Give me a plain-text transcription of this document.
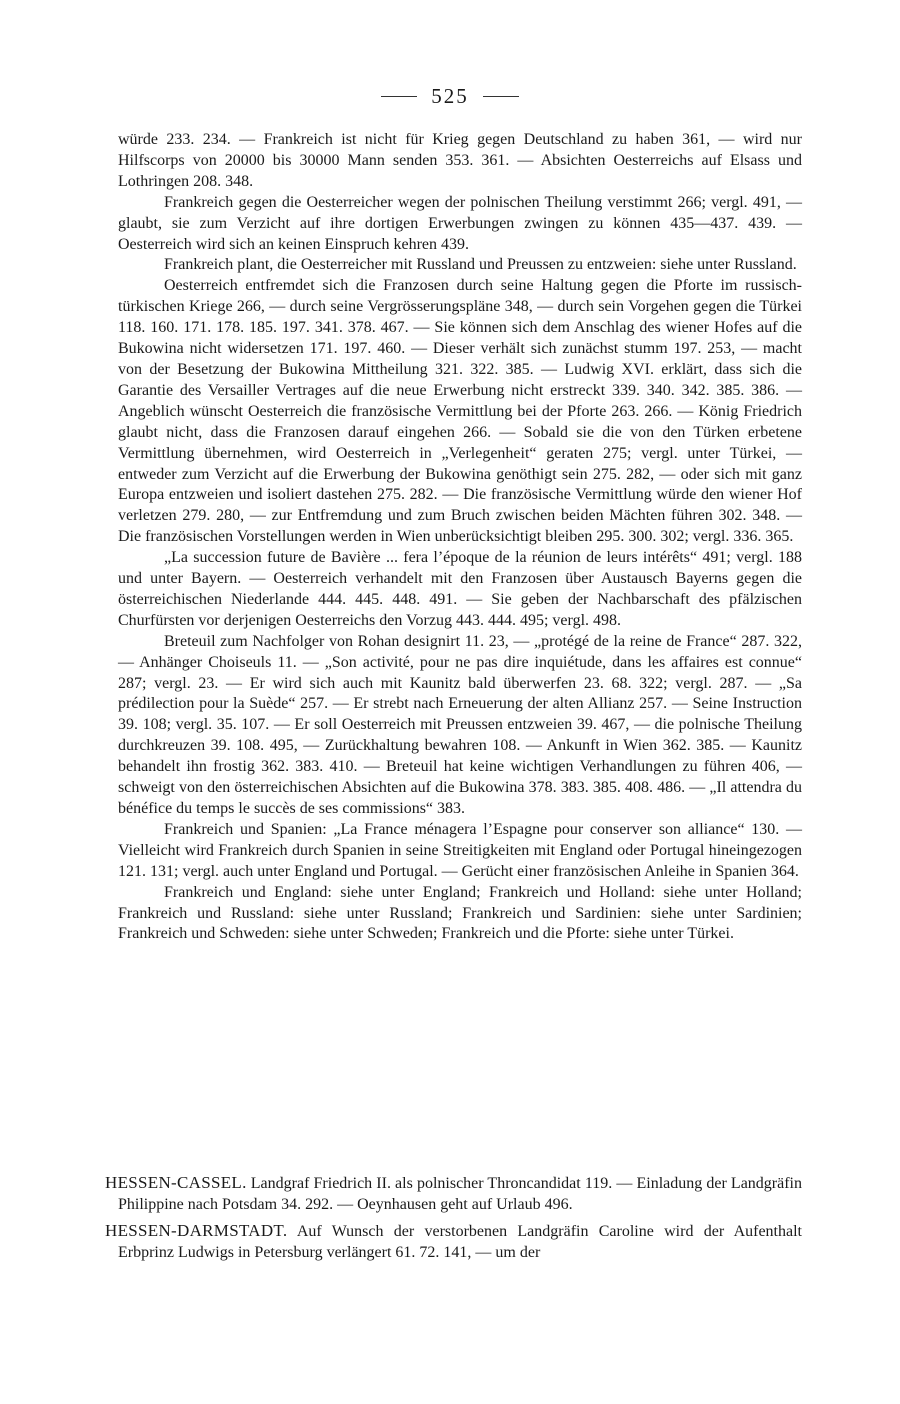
525

würde 233. 234. — Frankreich ist nicht für Krieg gegen Deutschland zu haben 361, — wird nur Hilfscorps von 20000 bis 30000 Mann senden 353. 361. — Absichten Oesterreichs auf Elsass und Lothringen 208. 348.

Frankreich gegen die Oesterreicher wegen der polnischen Theilung verstimmt 266; vergl. 491, — glaubt, sie zum Verzicht auf ihre dortigen Erwerbungen zwingen zu können 435—437. 439. — Oesterreich wird sich an keinen Einspruch kehren 439.

Frankreich plant, die Oesterreicher mit Russland und Preussen zu entzweien: siehe unter Russland.

Oesterreich entfremdet sich die Franzosen durch seine Haltung gegen die Pforte im russisch-türkischen Kriege 266, — durch seine Vergrösserungspläne 348, — durch sein Vorgehen gegen die Türkei 118. 160. 171. 178. 185. 197. 341. 378. 467. — Sie können sich dem Anschlag des wiener Hofes auf die Bukowina nicht widersetzen 171. 197. 460. — Dieser verhält sich zunächst stumm 197. 253, — macht von der Besetzung der Bukowina Mittheilung 321. 322. 385. — Ludwig XVI. erklärt, dass sich die Garantie des Versailler Vertrages auf die neue Erwerbung nicht erstreckt 339. 340. 342. 385. 386. — Angeblich wünscht Oesterreich die französische Vermittlung bei der Pforte 263. 266. — König Friedrich glaubt nicht, dass die Franzosen darauf eingehen 266. — Sobald sie die von den Türken erbetene Vermittlung übernehmen, wird Oesterreich in „Verlegenheit“ geraten 275; vergl. unter Türkei, — entweder zum Verzicht auf die Erwerbung der Bukowina genöthigt sein 275. 282, — oder sich mit ganz Europa entzweien und isoliert dastehen 275. 282. — Die französische Vermittlung würde den wiener Hof verletzen 279. 280, — zur Entfremdung und zum Bruch zwischen beiden Mächten führen 302. 348. — Die französischen Vorstellungen werden in Wien unberücksichtigt bleiben 295. 300. 302; vergl. 336. 365.

„La succession future de Bavière ... fera l’époque de la réunion de leurs intérêts“ 491; vergl. 188 und unter Bayern. — Oesterreich verhandelt mit den Franzosen über Austausch Bayerns gegen die österreichischen Niederlande 444. 445. 448. 491. — Sie geben der Nachbarschaft des pfälzischen Churfürsten vor derjenigen Oesterreichs den Vorzug 443. 444. 495; vergl. 498.

Breteuil zum Nachfolger von Rohan designirt 11. 23, — „protégé de la reine de France“ 287. 322, — Anhänger Choiseuls 11. — „Son activité, pour ne pas dire inquiétude, dans les affaires est connue“ 287; vergl. 23. — Er wird sich auch mit Kaunitz bald überwerfen 23. 68. 322; vergl. 287. — „Sa prédilection pour la Suède“ 257. — Er strebt nach Erneuerung der alten Allianz 257. — Seine Instruction 39. 108; vergl. 35. 107. — Er soll Oesterreich mit Preussen entzweien 39. 467, — die polnische Theilung durchkreuzen 39. 108. 495, — Zurückhaltung bewahren 108. — Ankunft in Wien 362. 385. — Kaunitz behandelt ihn frostig 362. 383. 410. — Breteuil hat keine wichtigen Verhandlungen zu führen 406, — schweigt von den österreichischen Absichten auf die Bukowina 378. 383. 385. 408. 486. — „Il attendra du bénéfice du temps le succès de ses commissions“ 383.

Frankreich und Spanien: „La France ménagera l’Espagne pour conserver son alliance“ 130. — Vielleicht wird Frankreich durch Spanien in seine Streitigkeiten mit England oder Portugal hineingezogen 121. 131; vergl. auch unter England und Portugal. — Gerücht einer französischen Anleihe in Spanien 364.

Frankreich und England: siehe unter England; Frankreich und Holland: siehe unter Holland; Frankreich und Russland: siehe unter Russland; Frankreich und Sardinien: siehe unter Sardinien; Frankreich und Schweden: siehe unter Schweden; Frankreich und die Pforte: siehe unter Türkei.

HESSEN-CASSEL. Landgraf Friedrich II. als polnischer Throncandidat 119. — Einladung der Landgräfin Philippine nach Potsdam 34. 292. — Oeynhausen geht auf Urlaub 496.

HESSEN-DARMSTADT. Auf Wunsch der verstorbenen Landgräfin Caroline wird der Aufenthalt Erbprinz Ludwigs in Petersburg verlängert 61. 72. 141, — um der
